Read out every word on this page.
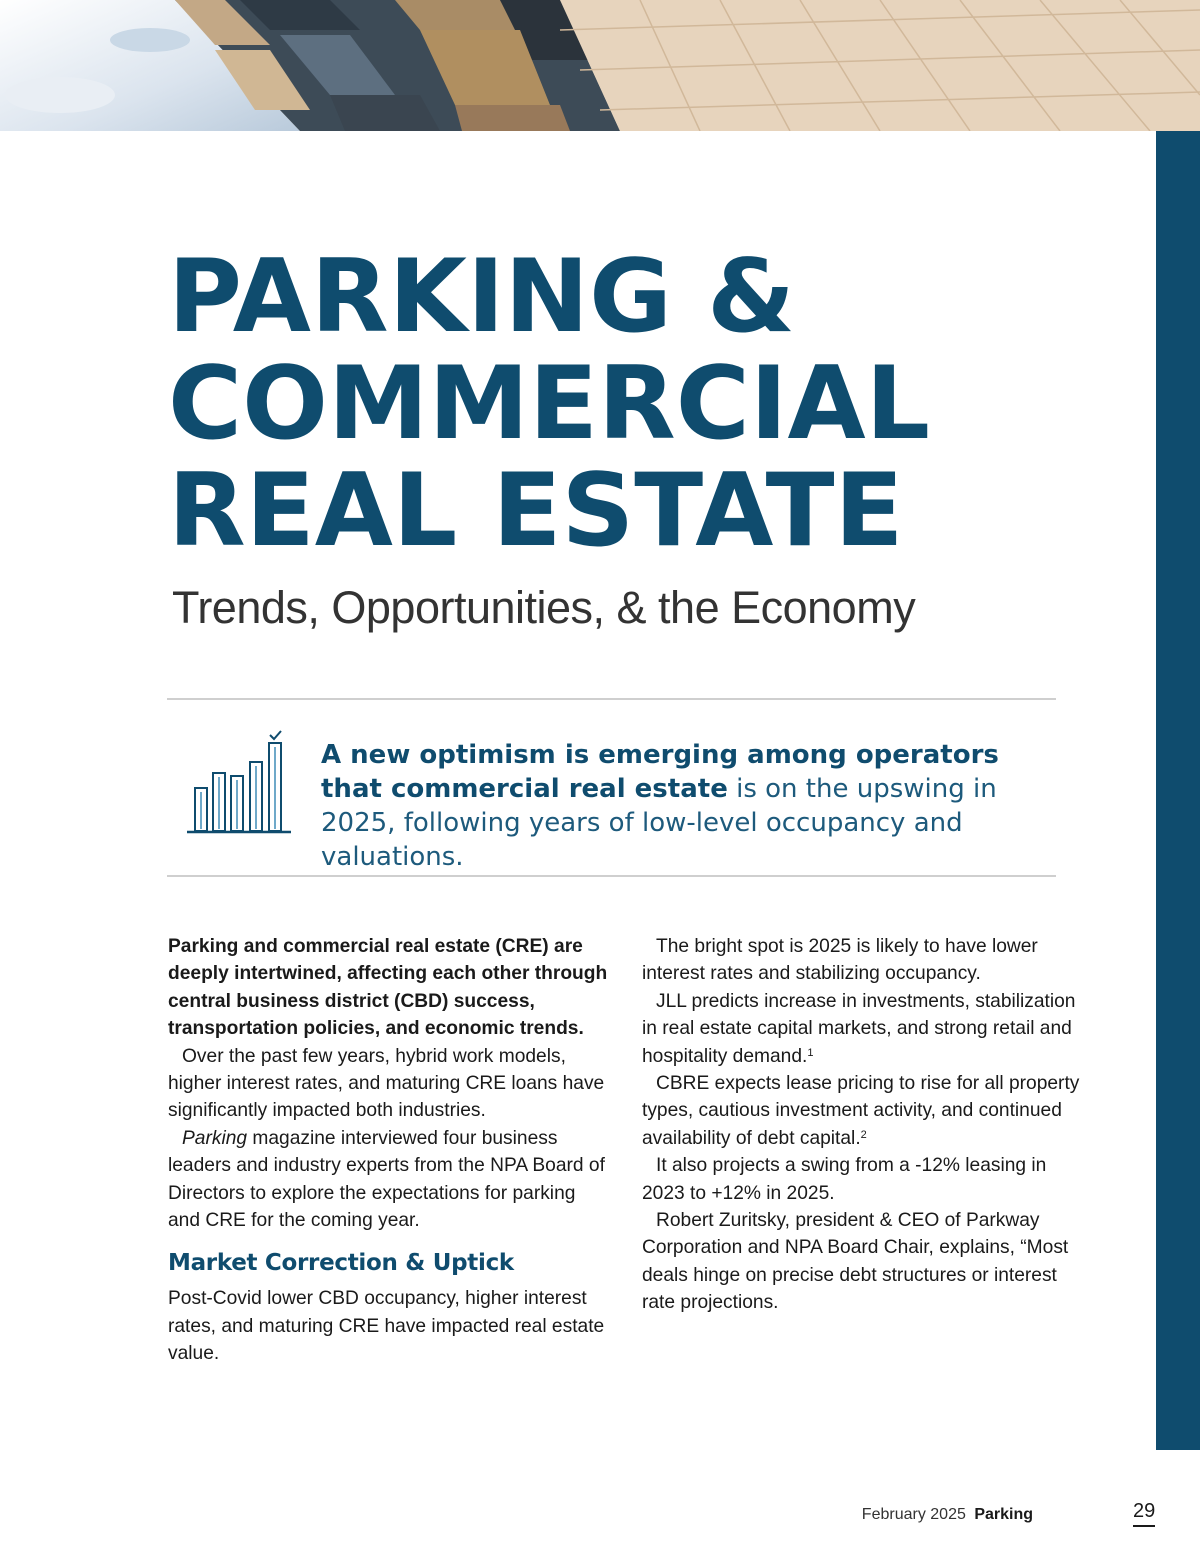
PARKING &
COMMERCIAL
REAL ESTATE
Trends, Opportunities, & the Economy
A new optimism is emerging among operators that commercial real estate is on the upswing in 2025, following years of low-level occupancy and valuations.

Parking and commercial real estate (CRE) are deeply intertwined, affecting each other through central business district (CBD) success, transportation policies, and economic trends.

Over the past few years, hybrid work models, higher interest rates, and maturing CRE loans have significantly impacted both industries.

Parking magazine interviewed four business leaders and industry experts from the NPA Board of Directors to explore the expectations for parking and CRE for the coming year.

Market Correction & Uptick

Post-Covid lower CBD occupancy, higher interest rates, and maturing CRE have impacted real estate value.

The bright spot is 2025 is likely to have lower interest rates and stabilizing occupancy.

JLL predicts increase in investments, stabilization in real estate capital markets, and strong retail and hospitality demand.$^1$

CBRE expects lease pricing to rise for all property types, cautious investment activity, and continued availability of debt capital.$^2$

It also projects a swing from a -12% leasing in 2023 to +12% in 2025.

Robert Zuritsky, president & CEO of Parkway Corporation and NPA Board Chair, explains, “Most deals hinge on precise debt structures or interest rate projections.

February 2025 Parking	29
